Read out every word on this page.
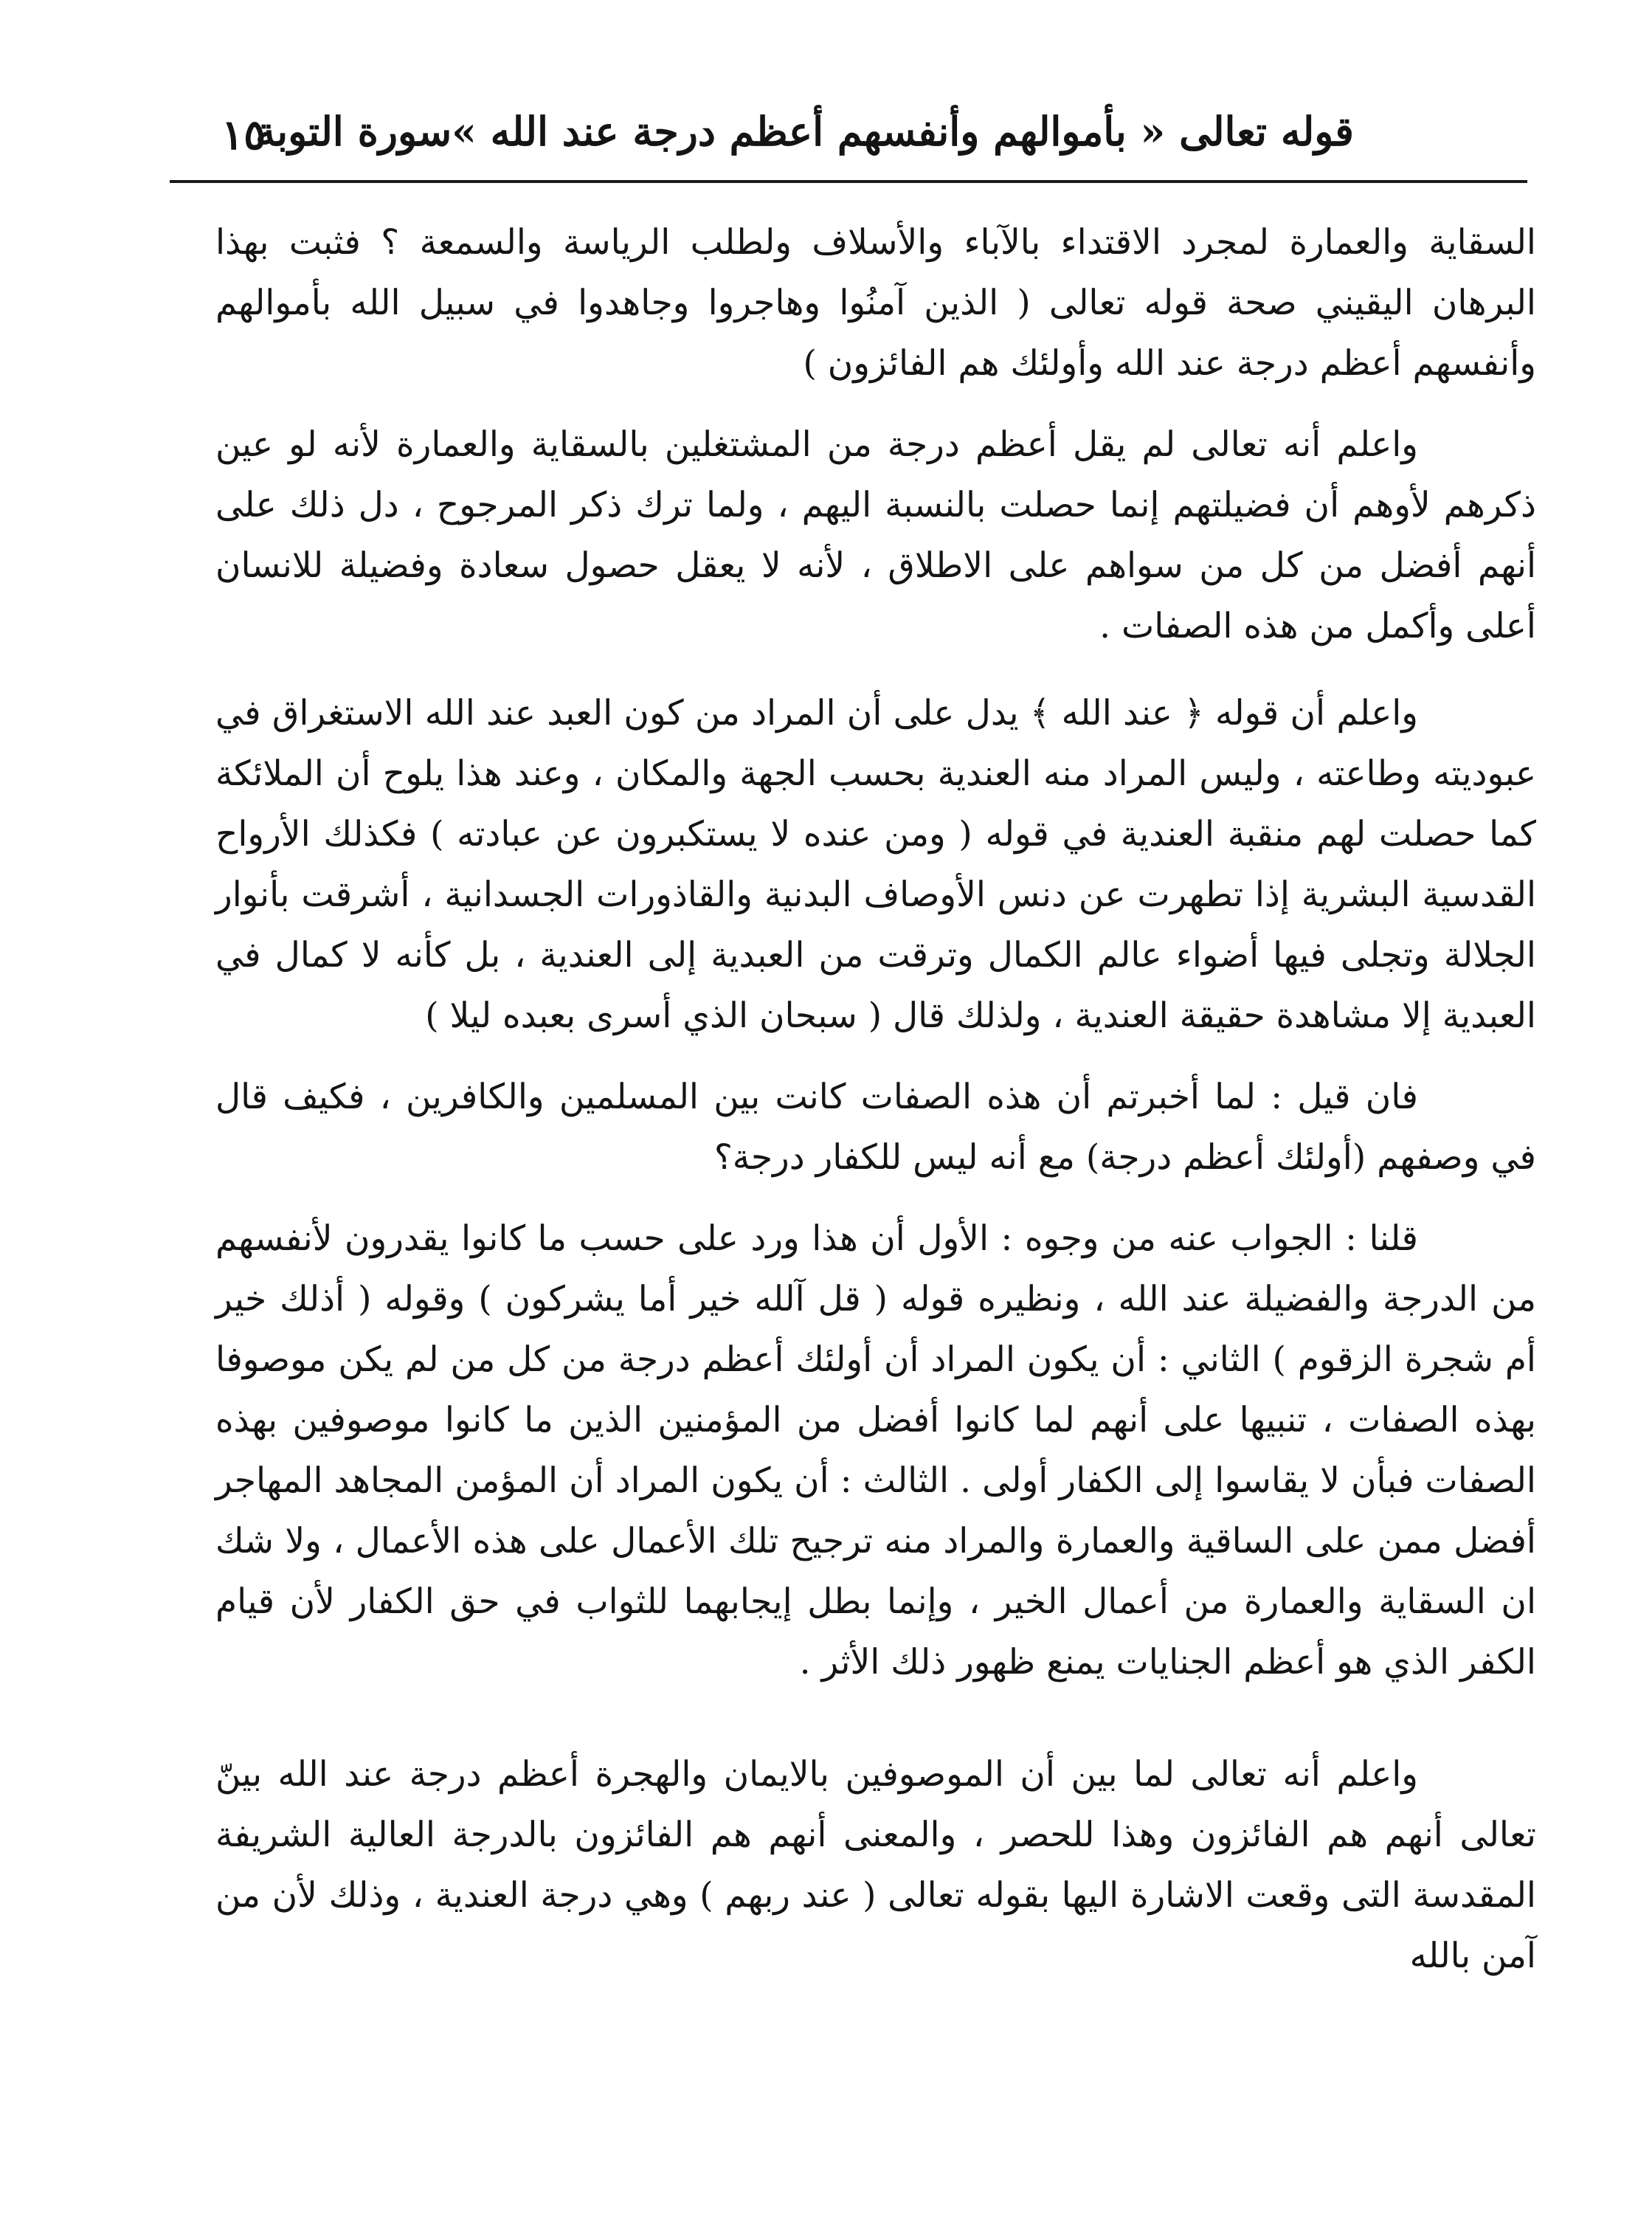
قوله تعالى « بأموالهم وأنفسهم أعظم درجة عند الله »سورة التوبة
١٥

السقاية والعمارة لمجرد الاقتداء بالآباء والأسلاف ولطلب الرياسة والسمعة ؟ فثبت بهذا البرهان اليقيني صحة قوله تعالى ( الذين آمنُوا وهاجروا وجاهدوا في سبيل الله بأموالهم وأنفسهم أعظم درجة عند الله وأولئك هم الفائزون )

واعلم أنه تعالى لم يقل أعظم درجة من المشتغلين بالسقاية والعمارة لأنه لو عين ذكرهم لأوهم أن فضيلتهم إنما حصلت بالنسبة اليهم ، ولما ترك ذكر المرجوح ، دل ذلك على أنهم أفضل من كل من سواهم على الاطلاق ، لأنه لا يعقل حصول سعادة وفضيلة للانسان أعلى وأكمل من هذه الصفات .

واعلم أن قوله ﴿ عند الله ﴾ يدل على أن المراد من كون العبد عند الله الاستغراق في عبوديته وطاعته ، وليس المراد منه العندية بحسب الجهة والمكان ، وعند هذا يلوح أن الملائكة كما حصلت لهم منقبة العندية في قوله ( ومن عنده لا يستكبرون عن عبادته ) فكذلك الأرواح القدسية البشرية إذا تطهرت عن دنس الأوصاف البدنية والقاذورات الجسدانية ، أشرقت بأنوار الجلالة وتجلى فيها أضواء عالم الكمال وترقت من العبدية إلى العندية ، بل كأنه لا كمال في العبدية إلا مشاهدة حقيقة العندية ، ولذلك قال ( سبحان الذي أسرى بعبده ليلا )

فان قيل : لما أخبرتم أن هذه الصفات كانت بين المسلمين والكافرين ، فكيف قال في وصفهم (أولئك أعظم درجة) مع أنه ليس للكفار درجة؟

قلنا : الجواب عنه من وجوه : الأول أن هذا ورد على حسب ما كانوا يقدرون لأنفسهم من الدرجة والفضيلة عند الله ، ونظيره قوله ( قل آلله خير أما يشركون ) وقوله ( أذلك خير أم شجرة الزقوم ) الثاني : أن يكون المراد أن أولئك أعظم درجة من كل من لم يكن موصوفا بهذه الصفات ، تنبيها على أنهم لما كانوا أفضل من المؤمنين الذين ما كانوا موصوفين بهذه الصفات فبأن لا يقاسوا إلى الكفار أولى . الثالث : أن يكون المراد أن المؤمن المجاهد المهاجر أفضل ممن على الساقية والعمارة والمراد منه ترجيح تلك الأعمال على هذه الأعمال ، ولا شك ان السقاية والعمارة من أعمال الخير ، وإنما بطل إيجابهما للثواب في حق الكفار لأن قيام الكفر الذي هو أعظم الجنايات يمنع ظهور ذلك الأثر .

واعلم أنه تعالى لما بين أن الموصوفين بالايمان والهجرة أعظم درجة عند الله بينّ تعالى أنهم هم الفائزون وهذا للحصر ، والمعنى أنهم هم الفائزون بالدرجة العالية الشريفة المقدسة التى وقعت الاشارة اليها بقوله تعالى ( عند ربهم ) وهي درجة العندية ، وذلك لأن من آمن بالله
